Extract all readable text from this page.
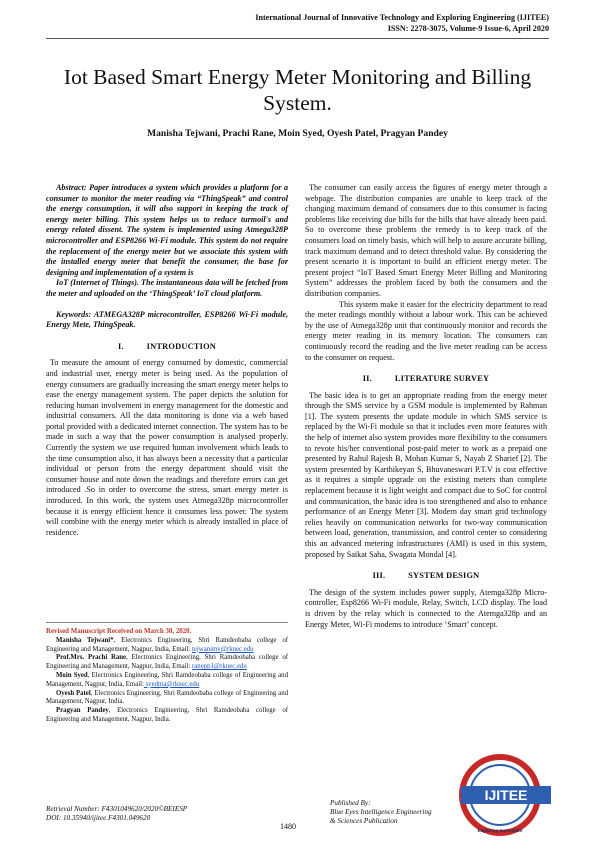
International Journal of Innovative Technology and Exploring Engineering (IJITEE)
ISSN: 2278-3075, Volume-9 Issue-6, April 2020
Iot Based Smart Energy Meter Monitoring and Billing System.
Manisha Tejwani, Prachi Rane, Moin Syed, Oyesh Patel, Pragyan Pandey

Abstract: Paper introduces a system which provides a platform for a consumer to monitor the meter reading via “ThingSpeak” and control the energy consumption, it will also support in keeping the track of energy meter billing. This system helps us to reduce turmoil's and energy related dissent. The system is implemented using Atmega328P microcontroller and ESP8266 Wi-Fi module. This system do not require the replacement of the energy meter but we associate this system with the installed energy meter that benefit the consumer, the base for designing and implementation of a system is

IoT (Internet of Things). The instantaneous data will be fetched from the meter and uploaded on the ‘ThingSpeak’ IoT cloud platform.

Keywords: ATMEGA328P microcontroller, ESP8266 Wi-Fi module, Energy Mete, ThingSpeak.

I.          INTRODUCTION

To measure the amount of energy consumed by domestic, commercial and industrial user, energy meter is being used. As the population of energy consumers are gradually increasing the smart energy meter helps to ease the energy management system. The paper depicts the solution for reducing human involvement in energy management for the domestic and industrial consumers. All the data monitoring is done via a web based portal provided with a dedicated internet connection. The system has to be made in such a way that the power consumption is analysed properly. Currently the system we use required human involvement which leads to the time consumption also, it has always been a necessity that a particular individual or person from the energy department should visit the consumer house and note down the readings and therefore errors can get introduced .So in order to overcome the stress, smart energy meter is introduced. In this work, the system uses Atmega328p microcontroller because it is energy efficient hence it consumes less power. The system will combine with the energy meter which is already installed in place of residence.

Revised Manuscript Received on March 30, 2020.

Manisha Tejwani*, Electronics Engineering, Shri Ramdeobaba college of Engineering and Management, Nagpur, India, Email: tejwanimv@rknec.edu

Prof.Mrs. Prachi Rane, Electronics Engineering, Shri Ramdeobaba college of Engineering and Management, Nagpur, India, Email: ranepp1@rknec.edu

Moin Syed, Electronics Engineering, Shri Ramdeobaba college of Engineering and Management, Nagpur, India, Email: syedma@rknec.edu

Oyesh Patel, Electronics Engineering, Shri Ramdeobaba college of Engineering and Management, Nagpur, India.

Pragyan Pandey, Electronics Engineering, Shri Ramdeobaba college of Engineering and Management, Nagpur, India.

The consumer can easily access the figures of energy meter through a webpage. The distribution companies are unable to keep track of the changing maximum demand of consumers due to this consumer is facing problems like receiving due bills for the bills that have already been paid. So to overcome these problems the remedy is to keep track of the consumers load on timely basis, which will help to assure accurate billing, track maximum demand and to detect threshold value. By considering the present scenario it is important to build an efficient energy meter. The present project “IoT Based Smart Energy Meter Billing and Monitoring System” addresses the problem faced by both the consumers and the distribution companies.

This system make it easier for the electricity department to read the meter readings monthly without a labour work. This can be achieved by the use of Atmega328p unit that continuously monitor and records the energy meter reading in its memory location. The consumers can continuously record the reading and the live meter reading can be access to the consumer on request.

II.          LITERATURE SURVEY

The basic idea is to get an appropriate reading from the energy meter through the SMS service by a GSM module is implemented by Rahman [1]. The system presents the update module in which SMS service is replaced by the Wi-Fi module so that it includes even more features with the help of internet also system provides more flexibility to the consumers to revote his/her conventional post-paid meter to work as a prepaid one presented by Rahul Rajesh B, Mohan Kumar S, Nayab Z Sharief [2]. The system presented by Karthikeyan S, Bhuvaneswari P.T.V is cost effective as it requires a simple upgrade on the existing meters than complete replacement because it is light weight and compact due to SoC for control and communication, the basic idea is too strengthened and also to enhance performance of an Energy Meter [3]. Modern day smart grid technology relies heavily on communication networks for two-way communication between load, generation, transmission, and control center so considering this an advanced metering infrastructures (AMI) is used in this system, proposed by Saikat Saha, Swagata Mondal [4].

III.          SYSTEM DESIGN

The design of the system includes power supply, Atemga328p Micro-controller, Esp8266 Wi-Fi module, Relay, Switch, LCD display. The load is driven by the relay which is connected to the Atemga328p and an Energy Meter, Wi-Fi modems to introduce ‘Smart’ concept.

Retrieval Number: F4301049620/2020©BEIESP
DOI: 10.35940/ijitee.F4301.049620
1480
Published By:
Blue Eyes Intelligence Engineering
& Sciences Publication
IJITEE
Exploring Innovation
